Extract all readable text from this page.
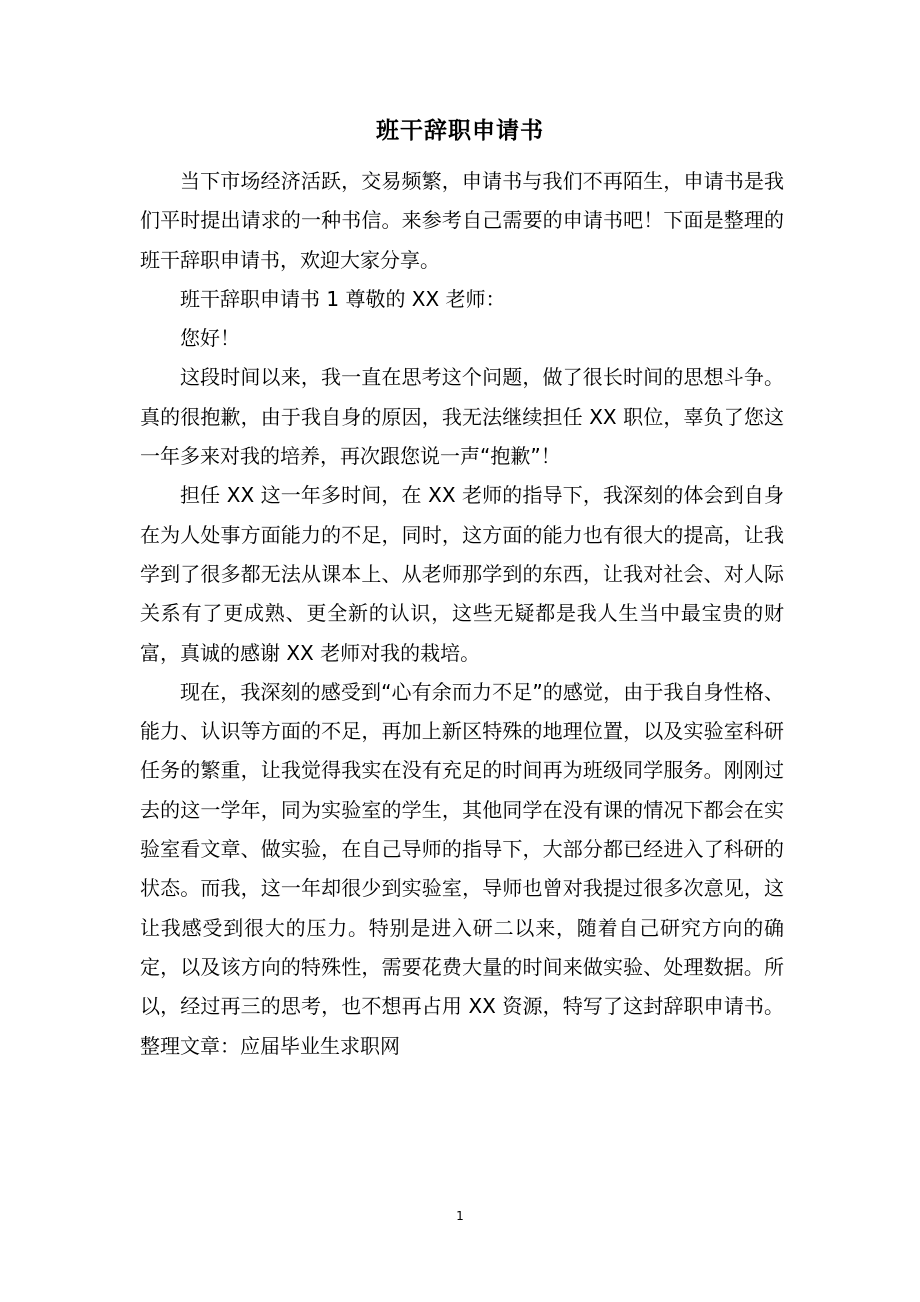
班干辞职申请书

当下市场经济活跃，交易频繁，申请书与我们不再陌生，申请书是我们平时提出请求的一种书信。来参考自己需要的申请书吧！下面是整理的班干辞职申请书，欢迎大家分享。

班干辞职申请书 1 尊敬的 XX 老师：

您好！

这段时间以来，我一直在思考这个问题，做了很长时间的思想斗争。真的很抱歉，由于我自身的原因，我无法继续担任 XX 职位，辜负了您这一年多来对我的培养，再次跟您说一声“抱歉”！

担任 XX 这一年多时间，在 XX 老师的指导下，我深刻的体会到自身在为人处事方面能力的不足，同时，这方面的能力也有很大的提高，让我学到了很多都无法从课本上、从老师那学到的东西，让我对社会、对人际关系有了更成熟、更全新的认识，这些无疑都是我人生当中最宝贵的财富，真诚的感谢 XX 老师对我的栽培。

现在，我深刻的感受到“心有余而力不足”的感觉，由于我自身性格、能力、认识等方面的不足，再加上新区特殊的地理位置，以及实验室科研任务的繁重，让我觉得我实在没有充足的时间再为班级同学服务。刚刚过去的这一学年，同为实验室的学生，其他同学在没有课的情况下都会在实验室看文章、做实验，在自己导师的指导下，大部分都已经进入了科研的状态。而我，这一年却很少到实验室，导师也曾对我提过很多次意见，这让我感受到很大的压力。特别是进入研二以来，随着自己研究方向的确定，以及该方向的特殊性，需要花费大量的时间来做实验、处理数据。所以，经过再三的思考，也不想再占用 XX 资源，特写了这封辞职申请书。整理文章：应届毕业生求职网

1
